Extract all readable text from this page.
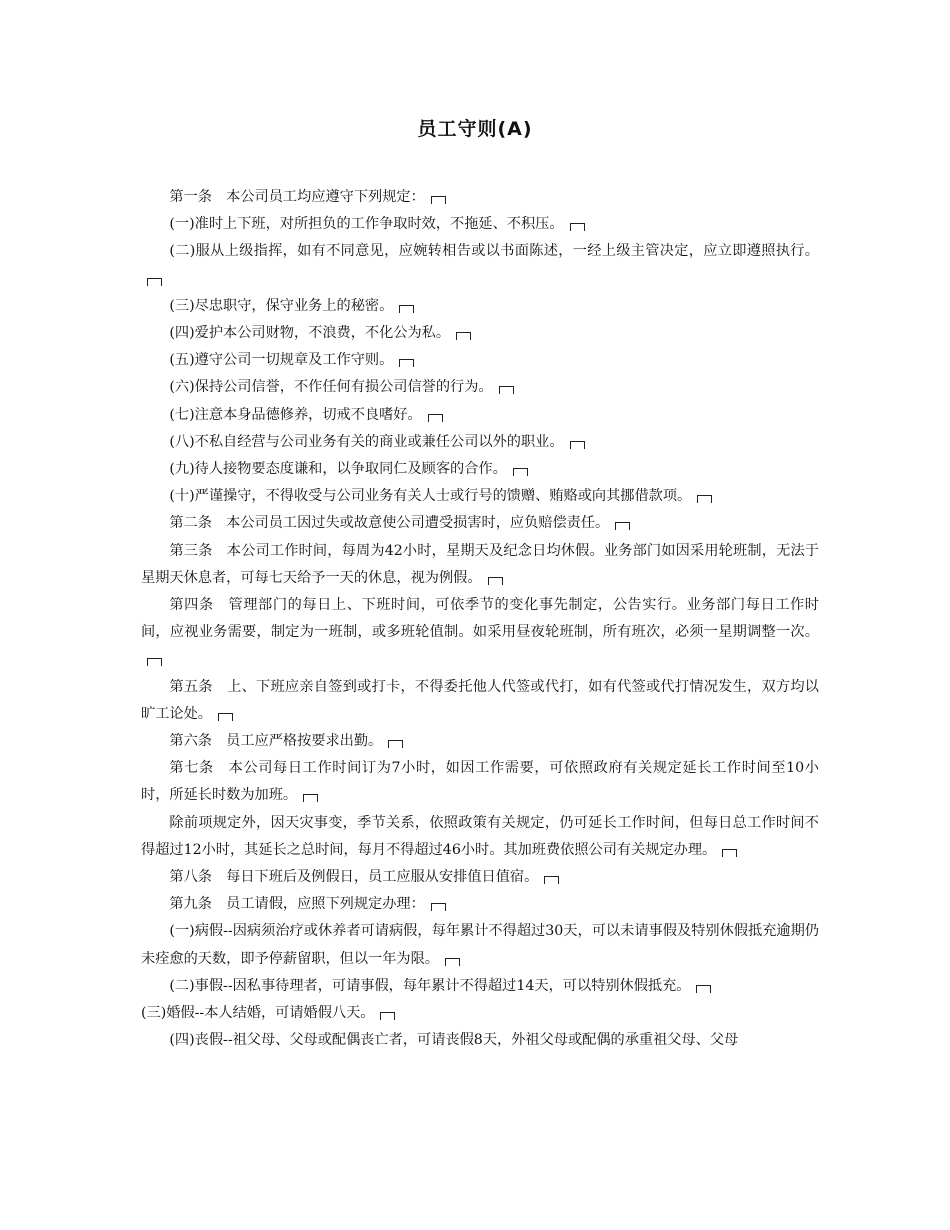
员工守则(A)

第一条　本公司员工均应遵守下列规定：

(一)准时上下班，对所担负的工作争取时效，不拖延、不积压。

(二)服从上级指挥，如有不同意见，应婉转相告或以书面陈述，一经上级主管决定，应立即遵照执行。

(三)尽忠职守，保守业务上的秘密。

(四)爱护本公司财物，不浪费，不化公为私。

(五)遵守公司一切规章及工作守则。

(六)保持公司信誉，不作任何有损公司信誉的行为。

(七)注意本身品德修养，切戒不良嗜好。

(八)不私自经营与公司业务有关的商业或兼任公司以外的职业。

(九)待人接物要态度谦和，以争取同仁及顾客的合作。

(十)严谨操守，不得收受与公司业务有关人士或行号的馈赠、贿赂或向其挪借款项。

第二条　本公司员工因过失或故意使公司遭受损害时，应负赔偿责任。

第三条　本公司工作时间，每周为42小时，星期天及纪念日均休假。业务部门如因采用轮班制，无法于星期天休息者，可每七天给予一天的休息，视为例假。

第四条　管理部门的每日上、下班时间，可依季节的变化事先制定，公告实行。业务部门每日工作时间，应视业务需要，制定为一班制，或多班轮值制。如采用昼夜轮班制，所有班次，必须一星期调整一次。

第五条　上、下班应亲自签到或打卡，不得委托他人代签或代打，如有代签或代打情况发生，双方均以旷工论处。

第六条　员工应严格按要求出勤。

第七条　本公司每日工作时间订为7小时，如因工作需要，可依照政府有关规定延长工作时间至10小时，所延长时数为加班。

除前项规定外，因天灾事变，季节关系，依照政策有关规定，仍可延长工作时间，但每日总工作时间不得超过12小时，其延长之总时间，每月不得超过46小时。其加班费依照公司有关规定办理。

第八条　每日下班后及例假日，员工应服从安排值日值宿。

第九条　员工请假，应照下列规定办理：

(一)病假--因病须治疗或休养者可请病假，每年累计不得超过30天，可以未请事假及特别休假抵充逾期仍未痊愈的天数，即予停薪留职，但以一年为限。

(二)事假--因私事待理者，可请事假，每年累计不得超过14天，可以特别休假抵充。

(三)婚假--本人结婚，可请婚假八天。

(四)丧假--祖父母、父母或配偶丧亡者，可请丧假8天，外祖父母或配偶的承重祖父母、父母
